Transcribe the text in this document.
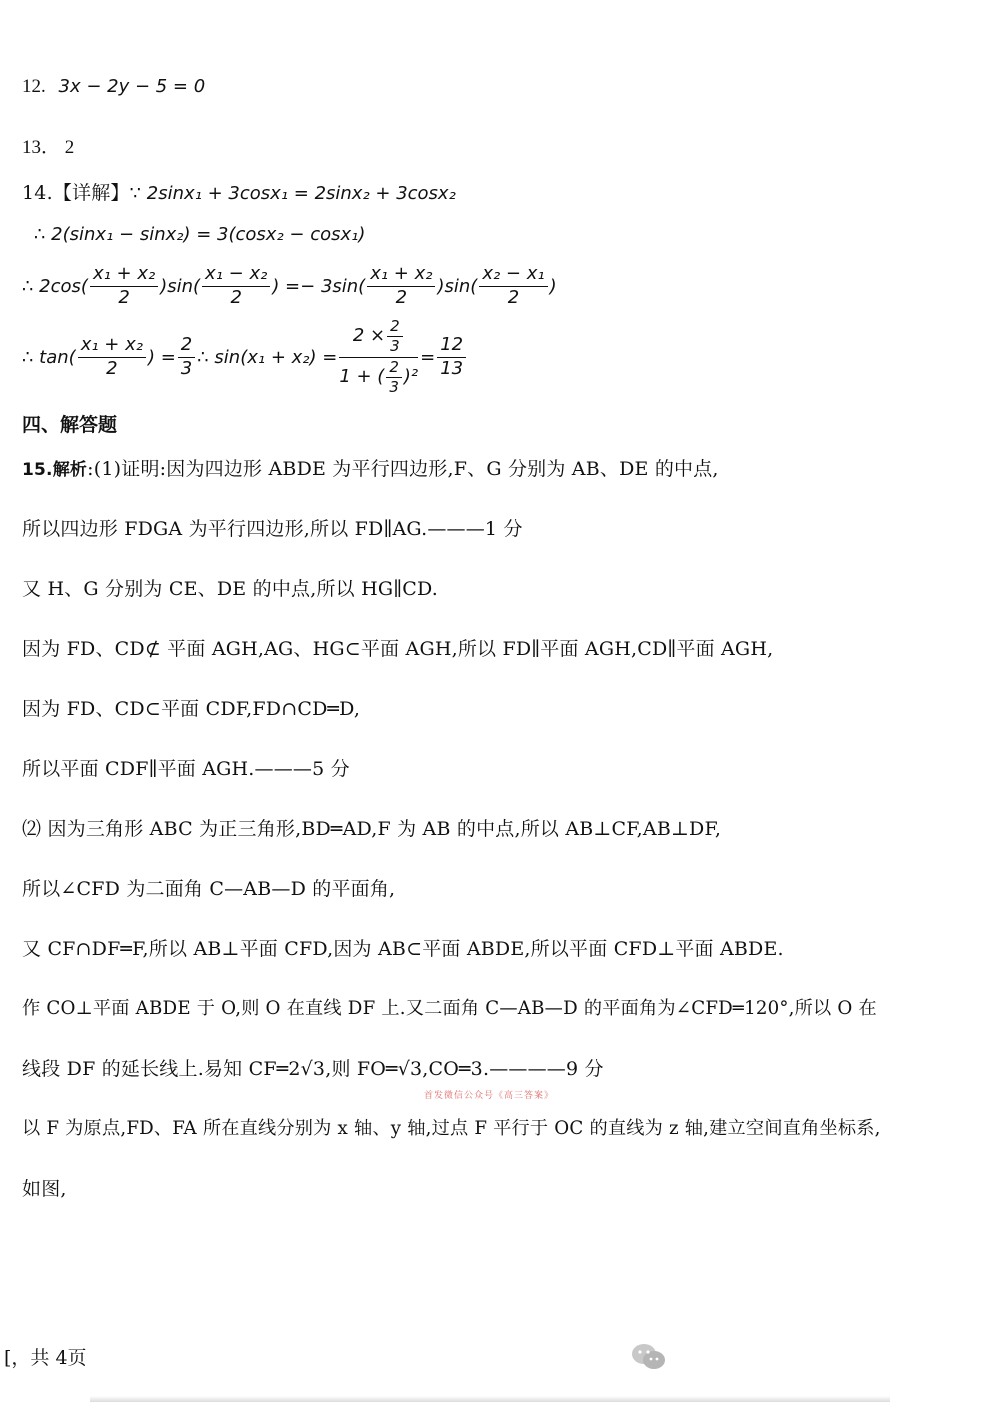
12. 3x − 2y − 5 = 0
13． 2
14.【详解】∵ 2sinx₁ + 3cosx₁ = 2sinx₂ + 3cosx₂
∴ 2(sinx₁ − sinx₂) = 3(cosx₂ − cosx₁)
∴ $2\cos( \frac{\text{x₁ + x₂}}{2} )\sin( \frac{\text{x₁ − x₂}}{2}$ ) =− $3\sin( \frac{\text{x₁ + x₂}}{2} )\sin( \frac{\text{x₂ − x₁}}{2}$ )
∴ $\tan( \frac{\text{x₁ + x₂}}{2}$ ) = $\frac{2}{3}$ ∴ $\sin(x_1 + x_2) = \frac{2 \times \frac{2}{3}}{1 + ( \frac{2}{3} )^2} = \frac{12}{13}$
四、解答题
15.解析:(1)证明:因为四边形 ABDE 为平行四边形,F、G 分别为 AB、DE 的中点,
所以四边形 FDGA 为平行四边形,所以 FD∥AG.———1 分
又 H、G 分别为 CE、DE 的中点,所以 HG∥CD.
因为 FD、CD⊄ 平面 AGH,AG、HG⊂平面 AGH,所以 FD∥平面 AGH,CD∥平面 AGH,
因为 FD、CD⊂平面 CDF,FD∩CD═D,
所以平面 CDF∥平面 AGH.———5 分
⑵ 因为三角形 ABC 为正三角形,BD═AD,F 为 AB 的中点,所以 AB⊥CF,AB⊥DF,
所以∠CFD 为二面角 C—AB—D 的平面角,
又 CF∩DF═F,所以 AB⊥平面 CFD,因为 AB⊂平面 ABDE,所以平面 CFD⊥平面 ABDE.
作 CO⊥平面 ABDE 于 O,则 O 在直线 DF 上.又二面角 C—AB—D 的平面角为∠CFD═120°,所以 O 在
线段 DF 的延长线上.易知 CF═2√3,则 FO═√3,CO═3.————9 分
首发微信公众号《高三答案》
以 F 为原点,FD、FA 所在直线分别为 x 轴、y 轴,过点 F 平行于 OC 的直线为 z 轴,建立空间直角坐标系,
如图,
[，共 4页
